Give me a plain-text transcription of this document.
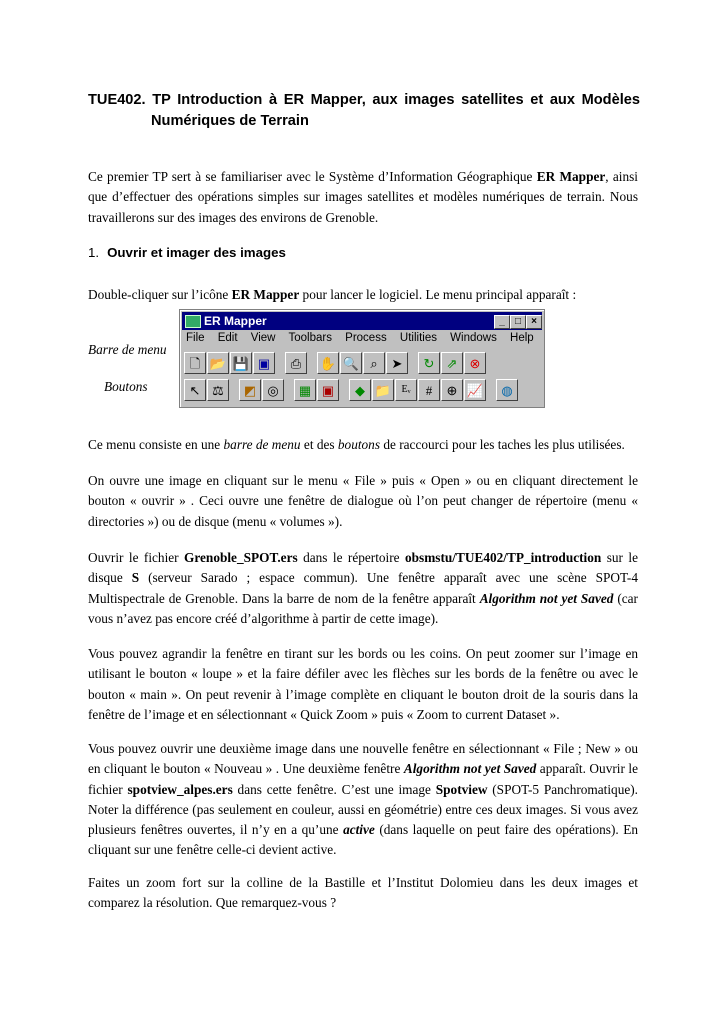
TUE402. TP Introduction à ER Mapper, aux images satellites et aux Modèles
Numériques de Terrain

Ce premier TP sert à se familiariser avec le Système d’Information Géographique ER Mapper, ainsi que d’effectuer des opérations simples sur images satellites et modèles numériques de terrain. Nous travaillerons sur des images des environs de Grenoble.

1. Ouvrir et imager des images

Double-cliquer sur l’icône ER Mapper pour lancer le logiciel. Le menu principal apparaît :

Barre de menu
Boutons
ER Mapper	_	□	×
File Edit View Toolbars Process Utilities Windows Help
🗋 📂 💾 ▣	⎙	✋ 🔍 ⌕	➤	↻ ⇗ ⊗
↖ ⚖	◩ ◎	▦ ▣	◆ 📁	Eᵥ	#	⊕ 📈	◍

Ce menu consiste en une barre de menu et des boutons de raccourci pour les taches les plus utilisées.

On ouvre une image en cliquant sur le menu « File » puis « Open » ou en cliquant directement le bouton « ouvrir » . Ceci ouvre une fenêtre de dialogue où l’on peut changer de répertoire (menu « directories ») ou de disque (menu « volumes »).

Ouvrir le fichier Grenoble_SPOT.ers dans le répertoire obsmstu/TUE402/TP_introduction sur le disque S (serveur Sarado ; espace commun). Une fenêtre apparaît avec une scène SPOT-4 Multispectrale de Grenoble. Dans la barre de nom de la fenêtre apparaît Algorithm not yet Saved (car vous n’avez pas encore créé d’algorithme à partir de cette image).

Vous pouvez agrandir la fenêtre en tirant sur les bords ou les coins. On peut zoomer sur l’image en utilisant le bouton « loupe » et la faire défiler avec les flèches sur les bords de la fenêtre ou avec le bouton « main ». On peut revenir à l’image complète en cliquant le bouton droit de la souris dans la fenêtre de l’image et en sélectionnant « Quick Zoom » puis « Zoom to current Dataset ».

Vous pouvez ouvrir une deuxième image dans une nouvelle fenêtre en sélectionnant « File ; New » ou en cliquant le bouton « Nouveau » . Une deuxième fenêtre Algorithm not yet Saved apparaît. Ouvrir le fichier spotview_alpes.ers dans cette fenêtre. C’est une image Spotview (SPOT-5 Panchromatique). Noter la différence (pas seulement en couleur, aussi en géométrie) entre ces deux images. Si vous avez plusieurs fenêtres ouvertes, il n’y en a qu’une active (dans laquelle on peut faire des opérations). En cliquant sur une fenêtre celle-ci devient active.

Faites un zoom fort sur la colline de la Bastille et l’Institut Dolomieu dans les deux images et comparez la résolution. Que remarquez-vous ?
